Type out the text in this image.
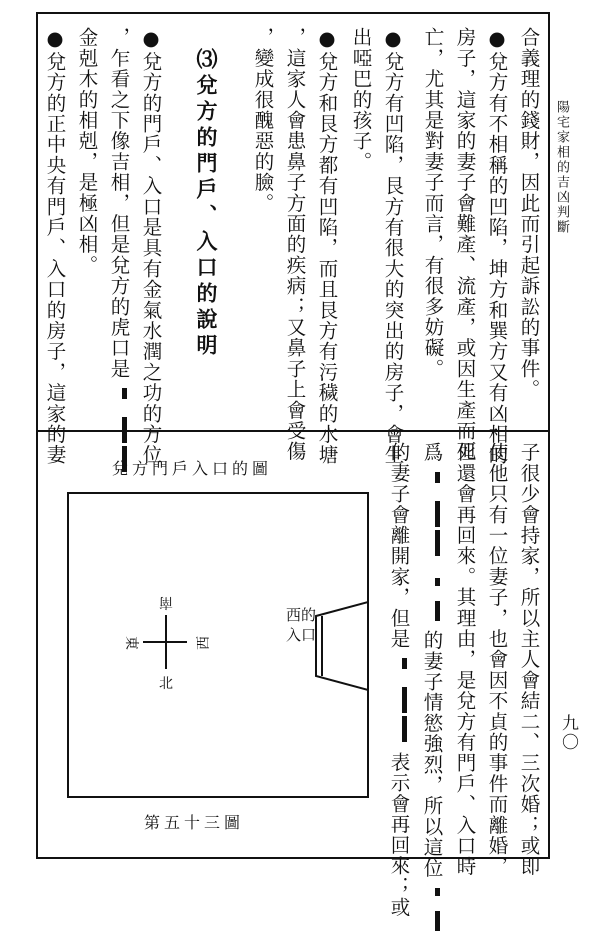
陽宅家相的吉凶判斷
九〇
合義理的錢財，因此而引起訴訟的事件。
●兌方有不相稱的凹陷，坤方和巽方又有凶相的
房子，這家的妻子會難產、流產，或因生產而死
亡，尤其是對妻子而言，有很多妨礙。
●兌方有凹陷，艮方有很大的突出的房子，會生
出啞巴的孩子。
●兌方和艮方都有凹陷，而且艮方有污穢的水塘
，這家人會患鼻子方面的疾病；又鼻子上會受傷
，變成很醜惡的臉。
⑶兌方的門戶、入口的說明
●兌方的門戶、入口是具有金氣水潤之功的方位
，乍看之下像吉相，但是兌方的虎口是
金剋木的相剋，是極凶相。
●兌方的正中央有門戶、入口的房子，這家的妻
子很少會持家，所以主人會結二、三次婚；或即
使他只有一位妻子，也會因不貞的事件而離婚，
但還會再回來。其理由，是兌方有門戶、入口時
爲

的妻子情慾強烈，所以這位
的妻子會離開家，但是
表示會再回來；或
兌方門戶入口的圖
南
北
東	西
西的
入口
第五十三圖
